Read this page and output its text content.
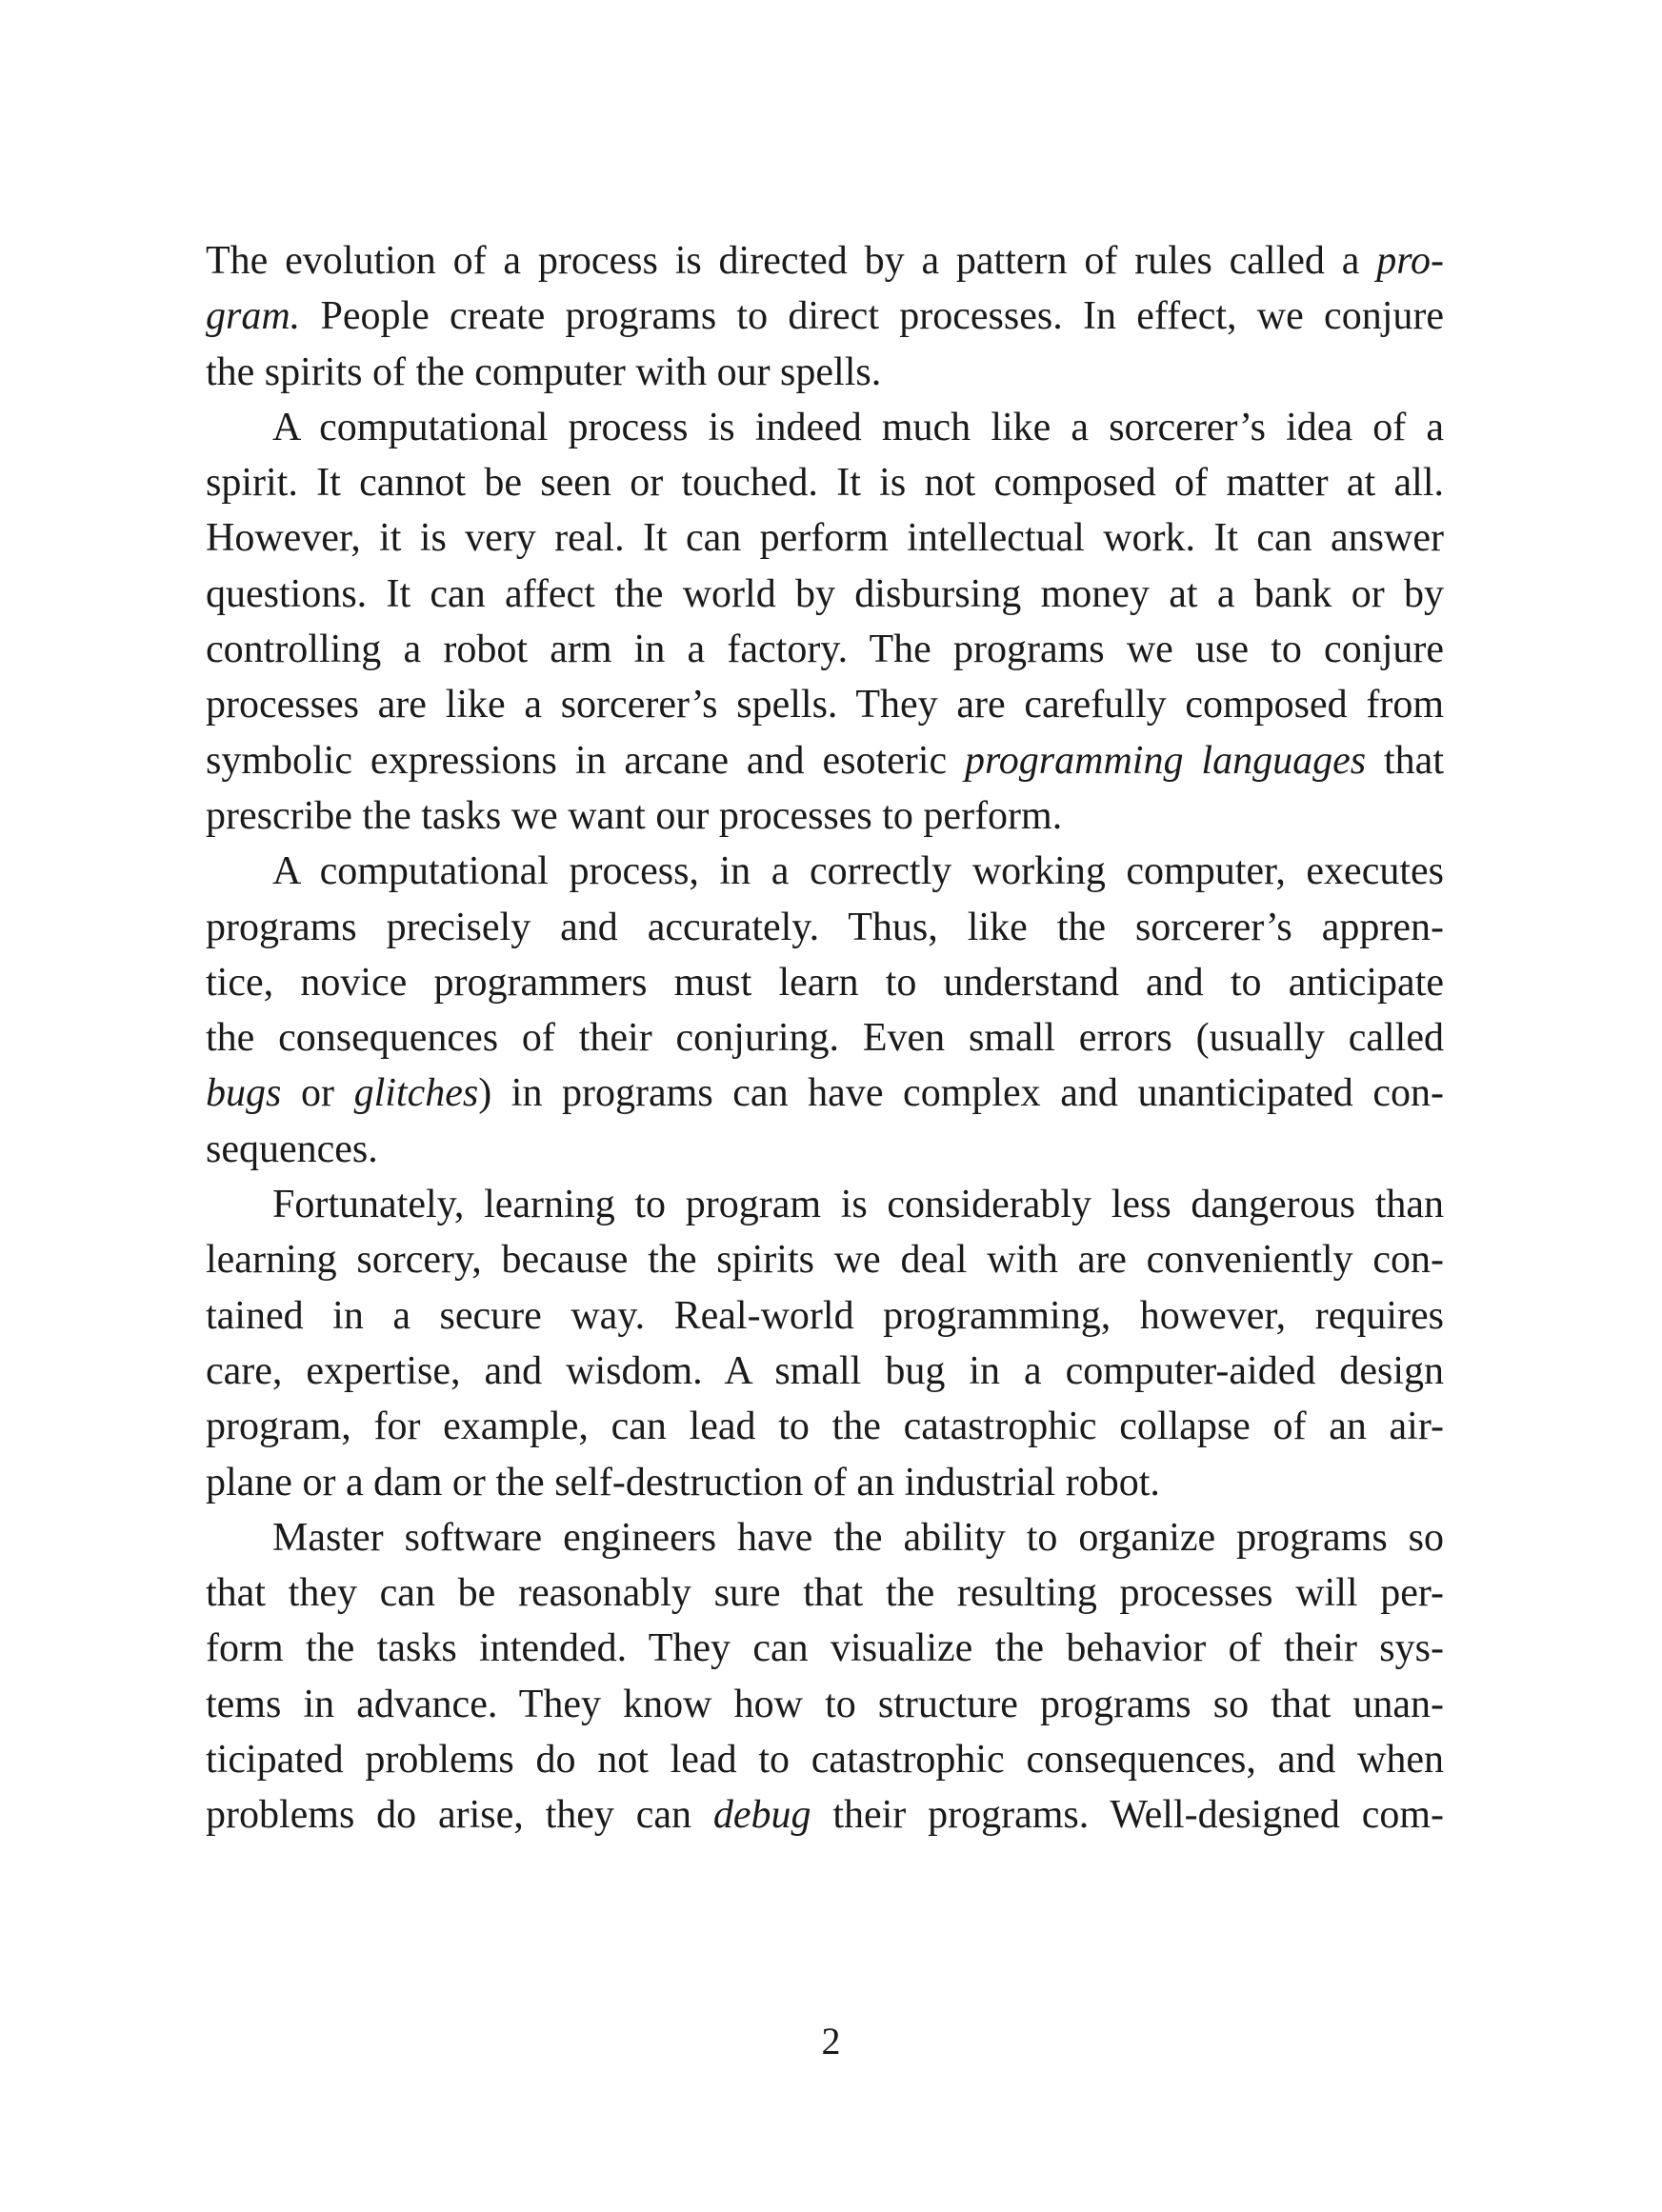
The evolution of a process is directed by a pattern of rules called a pro-
gram. People create programs to direct processes. In effect, we conjure
the spirits of the computer with our spells.
A computational process is indeed much like a sorcerer’s idea of a
spirit. It cannot be seen or touched. It is not composed of matter at all.
However, it is very real. It can perform intellectual work. It can answer
questions. It can affect the world by disbursing money at a bank or by
controlling a robot arm in a factory. The programs we use to conjure
processes are like a sorcerer’s spells. They are carefully composed from
symbolic expressions in arcane and esoteric programming languages that
prescribe the tasks we want our processes to perform.
A computational process, in a correctly working computer, executes
programs precisely and accurately. Thus, like the sorcerer’s appren-
tice, novice programmers must learn to understand and to anticipate
the consequences of their conjuring. Even small errors (usually called
bugs or glitches) in programs can have complex and unanticipated con-
sequences.
Fortunately, learning to program is considerably less dangerous than
learning sorcery, because the spirits we deal with are conveniently con-
tained in a secure way. Real-world programming, however, requires
care, expertise, and wisdom. A small bug in a computer-aided design
program, for example, can lead to the catastrophic collapse of an air-
plane or a dam or the self-destruction of an industrial robot.
Master software engineers have the ability to organize programs so
that they can be reasonably sure that the resulting processes will per-
form the tasks intended. They can visualize the behavior of their sys-
tems in advance. They know how to structure programs so that unan-
ticipated problems do not lead to catastrophic consequences, and when
problems do arise, they can debug their programs. Well-designed com-
2
